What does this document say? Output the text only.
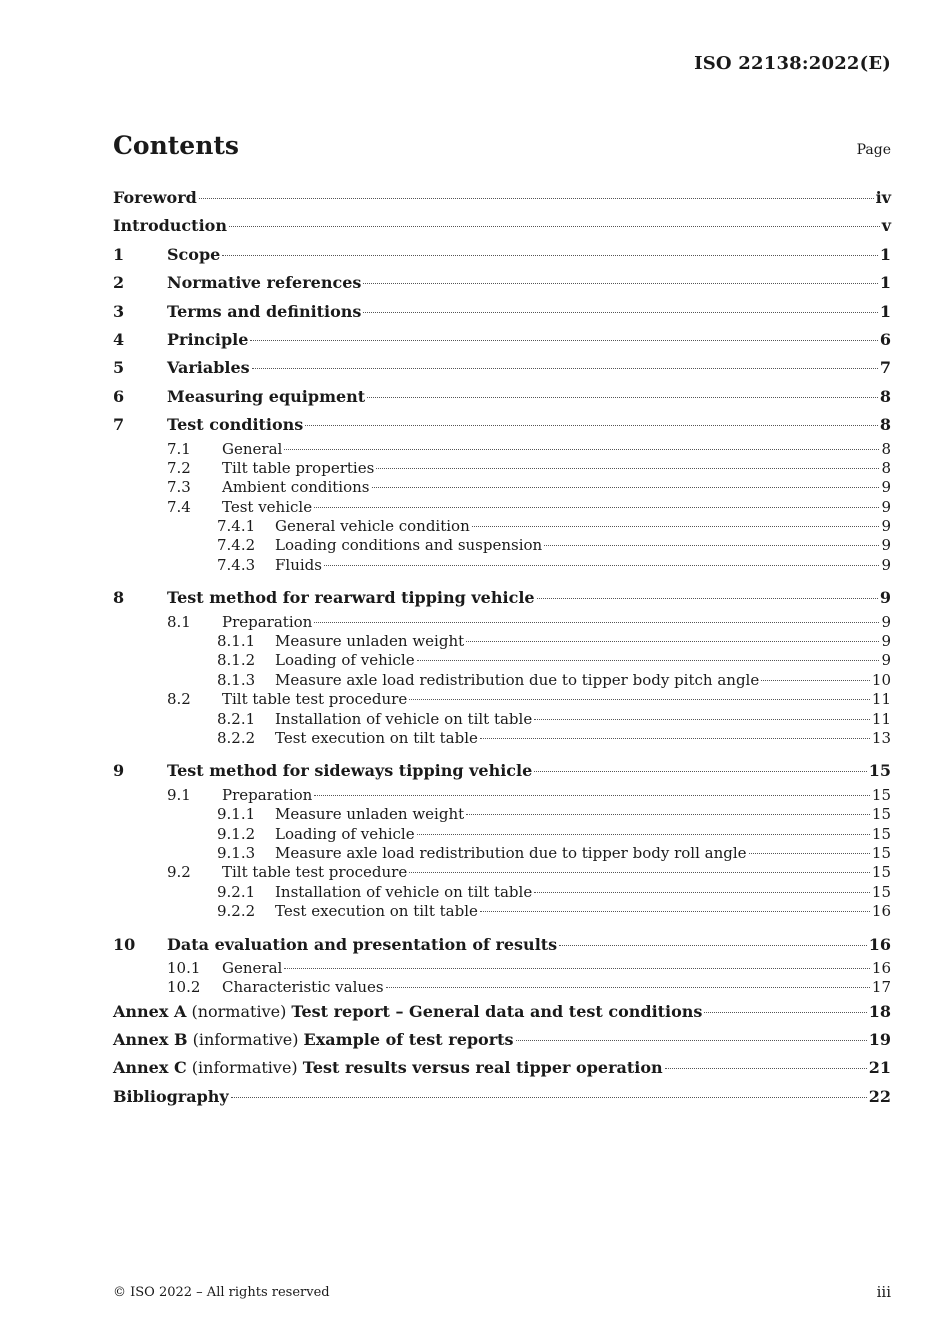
ISO 22138:2022(E)
Contents	Page
Foreword	iv
Introduction	v
1	Scope	1
2	Normative references	1
3	Terms and definitions	1
4	Principle	6
5	Variables	7
6	Measuring equipment	8
7	Test conditions	8
7.1	General	8
7.2	Tilt table properties	8
7.3	Ambient conditions	9
7.4	Test vehicle	9
7.4.1	General vehicle condition	9
7.4.2	Loading conditions and suspension	9
7.4.3	Fluids	9
8	Test method for rearward tipping vehicle	9
8.1	Preparation	9
8.1.1	Measure unladen weight	9
8.1.2	Loading of vehicle	9
8.1.3	Measure axle load redistribution due to tipper body pitch angle	10
8.2	Tilt table test procedure	11
8.2.1	Installation of vehicle on tilt table	11
8.2.2	Test execution on tilt table	13
9	Test method for sideways tipping vehicle	15
9.1	Preparation	15
9.1.1	Measure unladen weight	15
9.1.2	Loading of vehicle	15
9.1.3	Measure axle load redistribution due to tipper body roll angle	15
9.2	Tilt table test procedure	15
9.2.1	Installation of vehicle on tilt table	15
9.2.2	Test execution on tilt table	16
10	Data evaluation and presentation of results	16
10.1	General	16
10.2	Characteristic values	17
Annex A (normative) Test report – General data and test conditions	18
Annex B (informative) Example of test reports	19
Annex C (informative) Test results versus real tipper operation	21
Bibliography	22
© ISO 2022 – All rights reserved	iii
